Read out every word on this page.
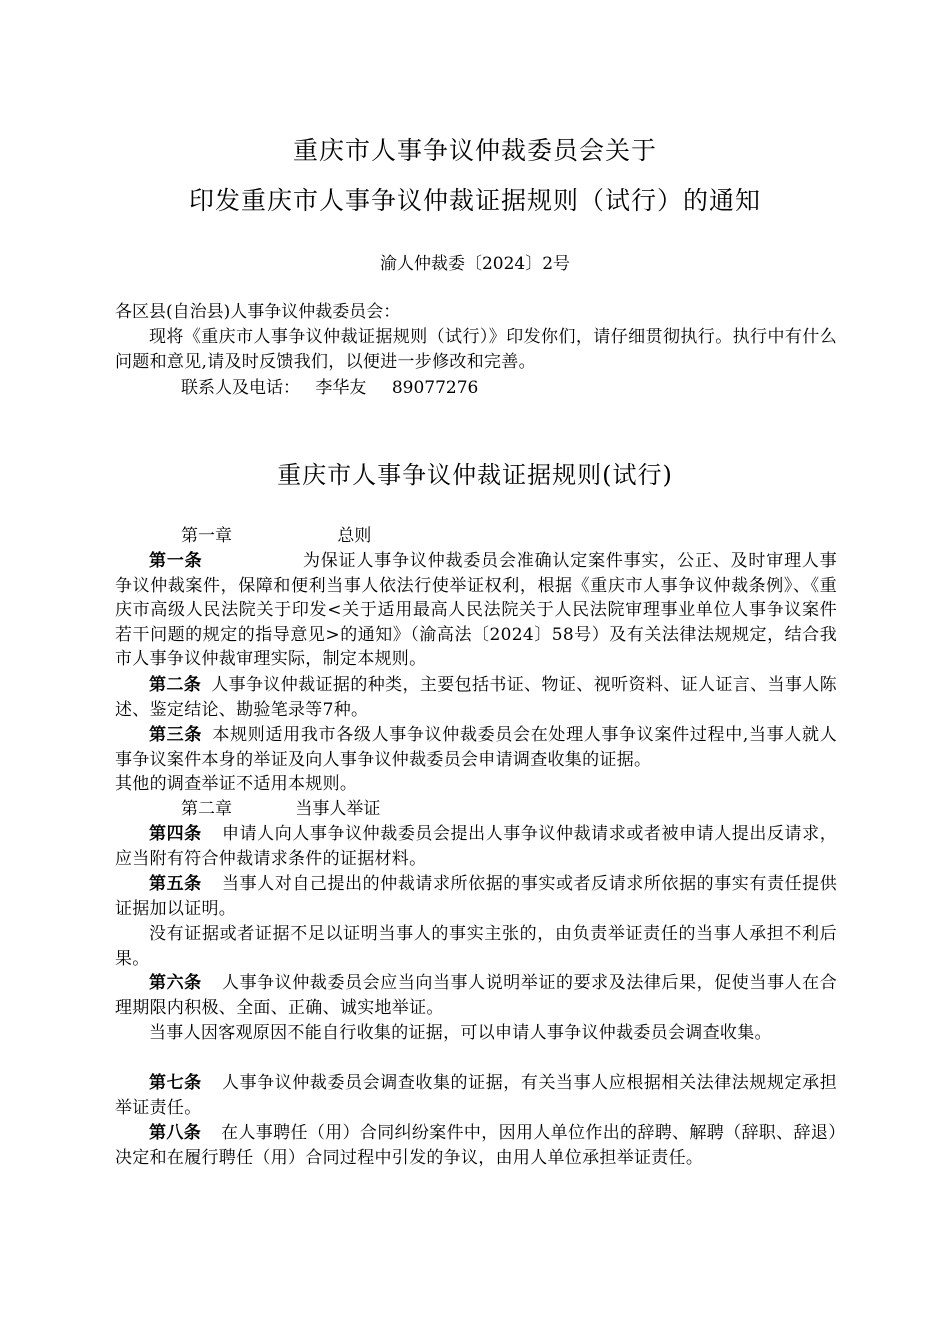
重庆市人事争议仲裁委员会关于
印发重庆市人事争议仲裁证据规则（试行）的通知
渝人仲裁委〔2024〕2号
各区县(自治县)人事争议仲裁委员会：
现将《重庆市人事争议仲裁证据规则（试行）》印发你们，请仔细贯彻执行。执行中有什么问题和意见,请及时反馈我们，以便进一步修改和完善。
联系人及电话： 李华友 89077276
重庆市人事争议仲裁证据规则(试行)
第一章	总则
第一条	为保证人事争议仲裁委员会准确认定案件事实，公正、及时审理人事争议仲裁案件，保障和便利当事人依法行使举证权利，根据《重庆市人事争议仲裁条例》、《重庆市高级人民法院关于印发<关于适用最高人民法院关于人民法院审理事业单位人事争议案件若干问题的规定的指导意见>的通知》（渝高法〔2024〕58号）及有关法律法规规定，结合我市人事争议仲裁审理实际，制定本规则。
第二条 人事争议仲裁证据的种类，主要包括书证、物证、视听资料、证人证言、当事人陈述、鉴定结论、勘验笔录等7种。
第三条 本规则适用我市各级人事争议仲裁委员会在处理人事争议案件过程中,当事人就人事争议案件本身的举证及向人事争议仲裁委员会申请调查收集的证据。
其他的调查举证不适用本规则。
第二章	当事人举证
第四条 申请人向人事争议仲裁委员会提出人事争议仲裁请求或者被申请人提出反请求，应当附有符合仲裁请求条件的证据材料。
第五条 当事人对自己提出的仲裁请求所依据的事实或者反请求所依据的事实有责任提供证据加以证明。
没有证据或者证据不足以证明当事人的事实主张的，由负责举证责任的当事人承担不利后果。
第六条 人事争议仲裁委员会应当向当事人说明举证的要求及法律后果，促使当事人在合理期限内积极、全面、正确、诚实地举证。
当事人因客观原因不能自行收集的证据，可以申请人事争议仲裁委员会调查收集。
第七条 人事争议仲裁委员会调查收集的证据，有关当事人应根据相关法律法规规定承担举证责任。
第八条 在人事聘任（用）合同纠纷案件中，因用人单位作出的辞聘、解聘（辞职、辞退）决定和在履行聘任（用）合同过程中引发的争议，由用人单位承担举证责任。
